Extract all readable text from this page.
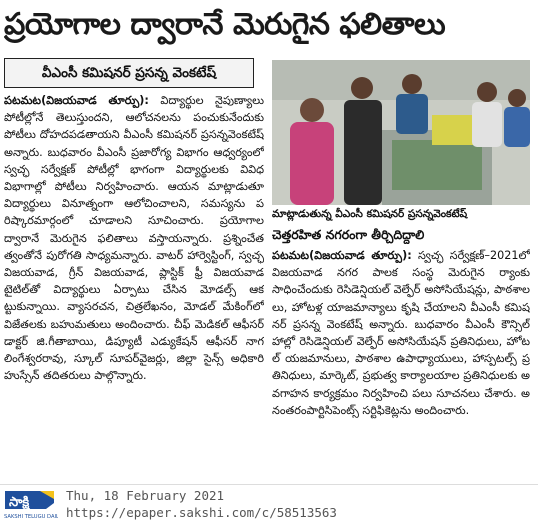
ప్రయోగాల ద్వారానే మెరుగైన ఫలితాలు
వీఎంసీ కమిషనర్ ప్రసన్న వెంకటేష్
పటమట(విజయవాడ తూర్పు): విద్యార్థుల నైపుణ్యాలు పోటీల్లోనే తెలుస్తుందని, ఆలోచనలను పంచుకునేందుకు పోటీలు దోహదపడతాయని వీఎంసీ కమిషనర్ ప్రసన్నవెంకటేష్ అన్నారు. బుధవారం వీఎంసీ ప్రజారోగ్య విభాగం ఆధ్వర్యంలో స్వచ్ఛ సర్వేక్షణ్ పోటీల్లో భాగంగా విద్యార్థులకు వివిధ విభాగాల్లో పోటీలు నిర్వహించారు. ఆయన మాట్లాడుతూ విద్యార్థులు వినూత్నంగా ఆలోచించాలని, సమస్యను పరిష్కారమార్గంలో చూడాలని సూచించారు. ప్రయోగాల ద్వారానే మెరుగైన ఫలితాలు వస్తాయన్నారు. ప్రశ్నించేతత్వంతోనే పురోగతి సాధ్యమన్నారు. వాటర్ హార్వెస్టింగ్, స్వచ్ఛ విజయవాడ, గ్రీన్ విజయవాడ, ప్లాస్టిక్ ఫ్రీ విజయవాడ టైటిల్‌తో విద్యార్థులు ఏర్పాటు చేసిన మోడల్స్ ఆకట్టుకున్నాయి. వ్యాసరచన, చిత్రలేఖనం, మోడల్ మేకింగ్‌లో విజేతలకు బహుమతులు అందించారు. చీఫ్ మెడికల్ ఆఫీసర్ డాక్టర్ జి.గీతాబాయి, డిప్యూటీ ఎడ్యుకేషన్ ఆఫీసర్ నాగలింగేశ్వరరావు, స్కూల్ సూపర్‌వైజర్లు, జిల్లా సైన్స్ అధికారి హుస్సేన్ తదితరులు పాల్గొన్నారు.
మాట్లాడుతున్న వీఎంసీ కమిషనర్ ప్రసన్నవెంకటేష్
చెత్తరహిత నగరంగా తీర్చిదిద్దాలి
పటమట(విజయవాడ తూర్పు): స్వచ్ఛ సర్వేక్షణ్–2021లో విజయవాడ నగర పాలక సంస్థ మెరుగైన ర్యాంకు సాధించేందుకు రెసిడెన్షియల్ వెల్ఫేర్ అసోసియేషన్లు, పాఠశాలలు, హోటళ్ల యాజమాన్యాలు కృషి చేయాలని వీఎంసీ కమిషనర్ ప్రసన్న వెంకటేష్ అన్నారు. బుధవారం వీఎంసీ కౌన్సిల్ హాల్లో రెసిడెన్షియల్ వెల్ఫేర్ అసోసియేషన్ ప్రతినిధులు, హోటల్ యజమానులు, పాఠశాల ఉపాధ్యాయులు, హాస్పటల్స్ ప్రతినిధులు, మార్కెట్, ప్రభుత్వ కార్యాలయాల ప్రతినిధులకు అవగాహన కార్యక్రమం నిర్వహించి పలు సూచనలు చేశారు. అనంతరంపార్టిసిపెంట్స్ సర్టిఫికెట్లను అందించారు.
సాక్షి
SAKSHI TELUGU DAILY
Thu, 18 February 2021
https://epaper.sakshi.com/c/58513563
